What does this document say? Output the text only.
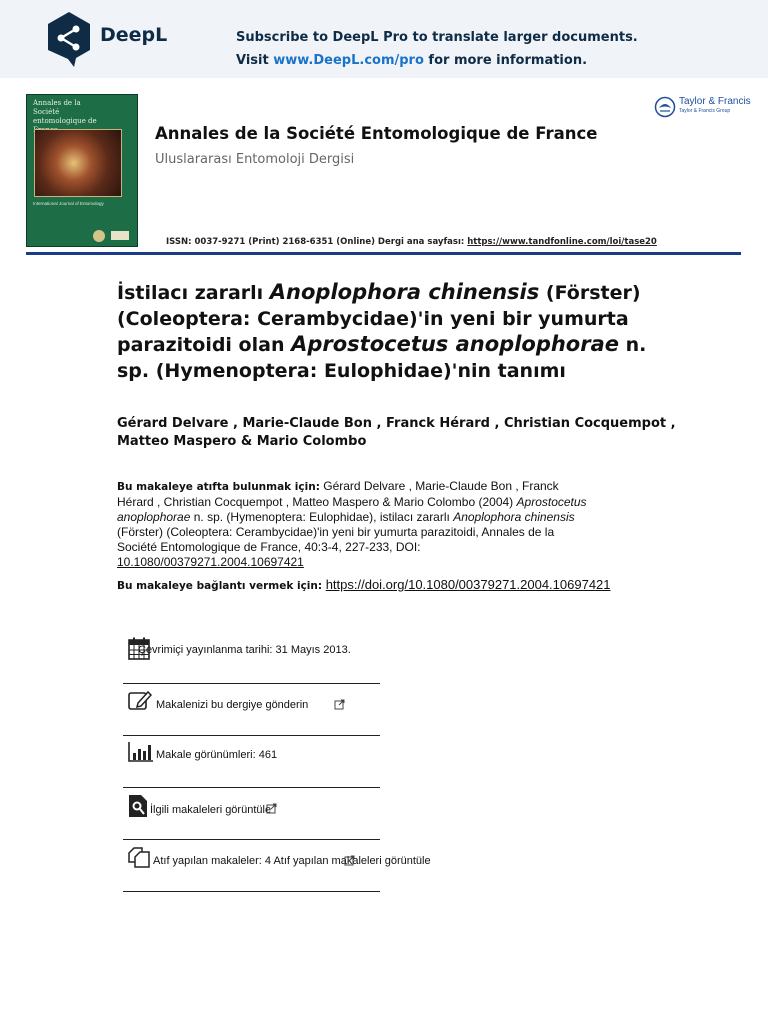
DeepL	Subscribe to DeepL Pro to translate larger documents.
Visit www.DeepL.com/pro for more information.
Annales de la Société entomologique de
International Journal of Entomology
Taylor & Francis
Taylor & Francis Group
Annales de la Société Entomologique de France
Uluslararası Entomoloji Dergisi
ISSN: 0037-9271 (Print) 2168-6351 (Online) Dergi ana sayfası: https://www.tandfonline.com/loi/tase20
İstilacı zararlı Anoplophora chinensis (Förster) (Coleoptera: Cerambycidae)'in yeni bir yumurta parazitoidi olan Aprostocetus anoplophorae n. sp. (Hymenoptera: Eulophidae)'nin tanımı
Gérard Delvare , Marie-Claude Bon , Franck Hérard , Christian Cocquempot , Matteo Maspero & Mario Colombo
Bu makaleye atıfta bulunmak için: Gérard Delvare , Marie-Claude Bon , Franck Hérard , Christian Cocquempot , Matteo Maspero & Mario Colombo (2004) Aprostocetus anoplophorae n. sp. (Hymenoptera: Eulophidae), istilacı zararlı Anoplophora chinensis (Förster) (Coleoptera: Cerambycidae)'in yeni bir yumurta parazitoidi, Annales de la Société Entomologique de France, 40:3-4, 227-233, DOI: 10.1080/00379271.2004.10697421
Bu makaleye bağlantı vermek için: https://doi.org/10.1080/00379271.2004.10697421
Çevrimiçi yayınlanma tarihi: 31 Mayıs 2013.
Makalenizi bu dergiye gönderin
Makale görünümleri: 461
İlgili makaleleri görüntüle
Atıf yapılan makaleler: 4 Atıf yapılan makaleleri görüntüle
